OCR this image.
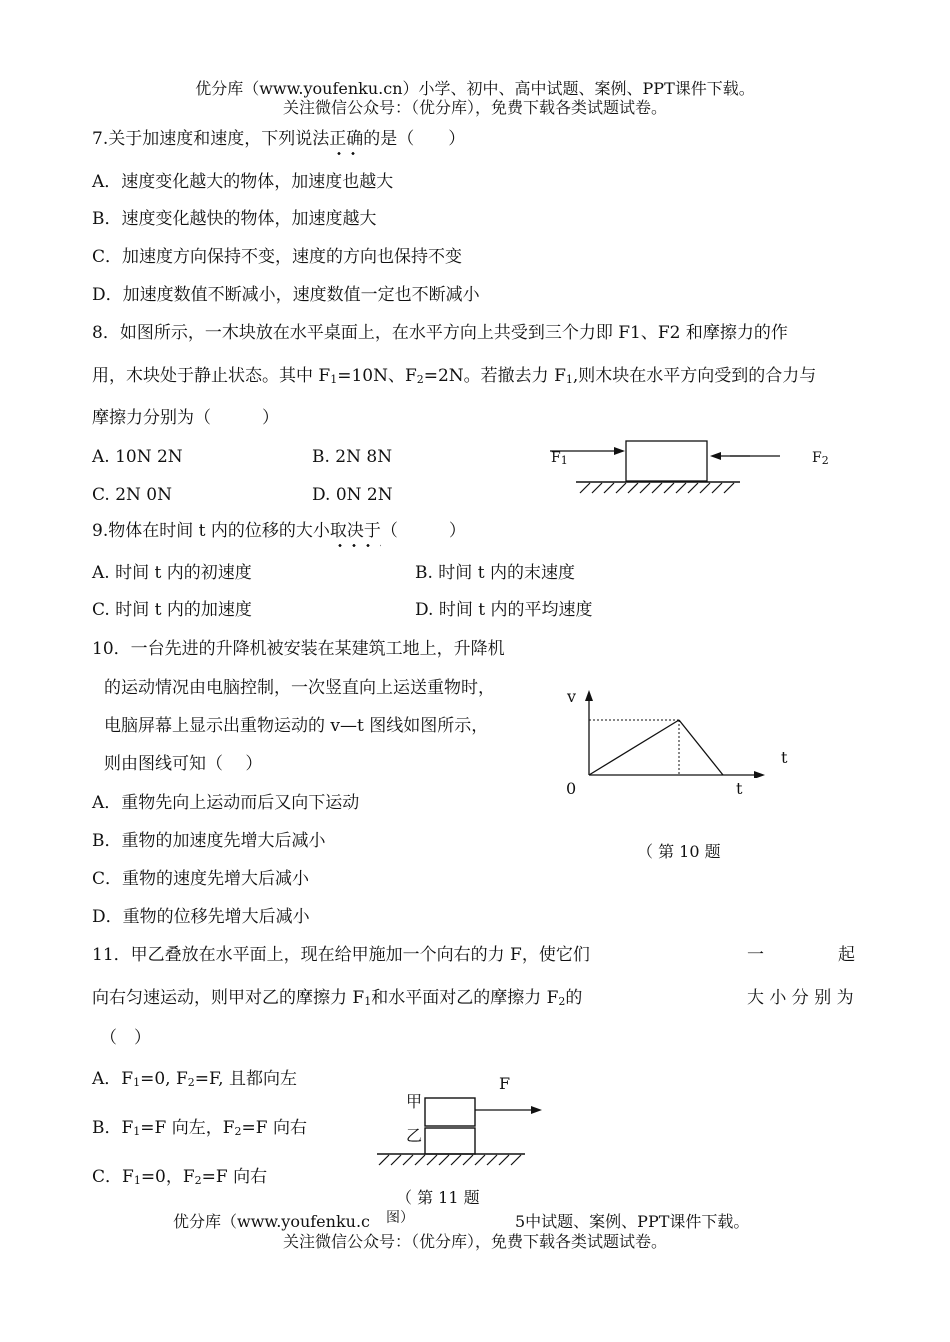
优分库（www.youfenku.cn）小学、初中、高中试题、案例、PPT课件下载。
关注微信公众号：（优分库），免费下载各类试题试卷。
7.关于加速度和速度，下列说法正确的是（　　）
A．速度变化越大的物体，加速度也越大
B．速度变化越快的物体，加速度越大
C．加速度方向保持不变，速度的方向也保持不变
D．加速度数值不断减小，速度数值一定也不断减小
8．如图所示，一木块放在水平桌面上，在水平方向上共受到三个力即 F1、F2 和摩擦力的作
用，木块处于静止状态。其中 $F_1=10N$、$F_2=2N$。若撤去力 $F_1$,则木块在水平方向受到的合力与
摩擦力分别为（　　　）
A. 10N 2N	B. 2N 8N
C. 2N 0N	D. 0N 2N
$F_1$	$F_2$
9.物体在时间 t 内的位移的大小取决于（　　　）
A. 时间 t 内的初速度	B. 时间 t 内的末速度
C. 时间 t 内的加速度	D. 时间 t 内的平均速度
10．一台先进的升降机被安装在某建筑工地上，升降机
的运动情况由电脑控制，一次竖直向上运送重物时，
电脑屏幕上显示出重物运动的 v—t 图线如图所示，
则由图线可知（　 ）
A．重物先向上运动而后又向下运动
B．重物的加速度先增大后减小
C．重物的速度先增大后减小
D．重物的位移先增大后减小
v
t
0	t
（ 第 10 题
11．甲乙叠放在水平面上，现在给甲施加一个向右的力 F，使它们	一	起
向右匀速运动，则甲对乙的摩擦力 $F_1$和水平面对乙的摩擦力 $F_2$的	大 小 分 别 为
（　）
A．$F_1=0$, $F_2=F$, 且都向左
B．$F_1=F$ 向左，$F_2=F$ 向右
C．$F_1=0$，$F_2=F$ 向右
甲
乙
F
（ 第 11 题
图）
优分库（www.youfenku.c	5中试题、案例、PPT课件下载。
关注微信公众号：（优分库），免费下载各类试题试卷。
